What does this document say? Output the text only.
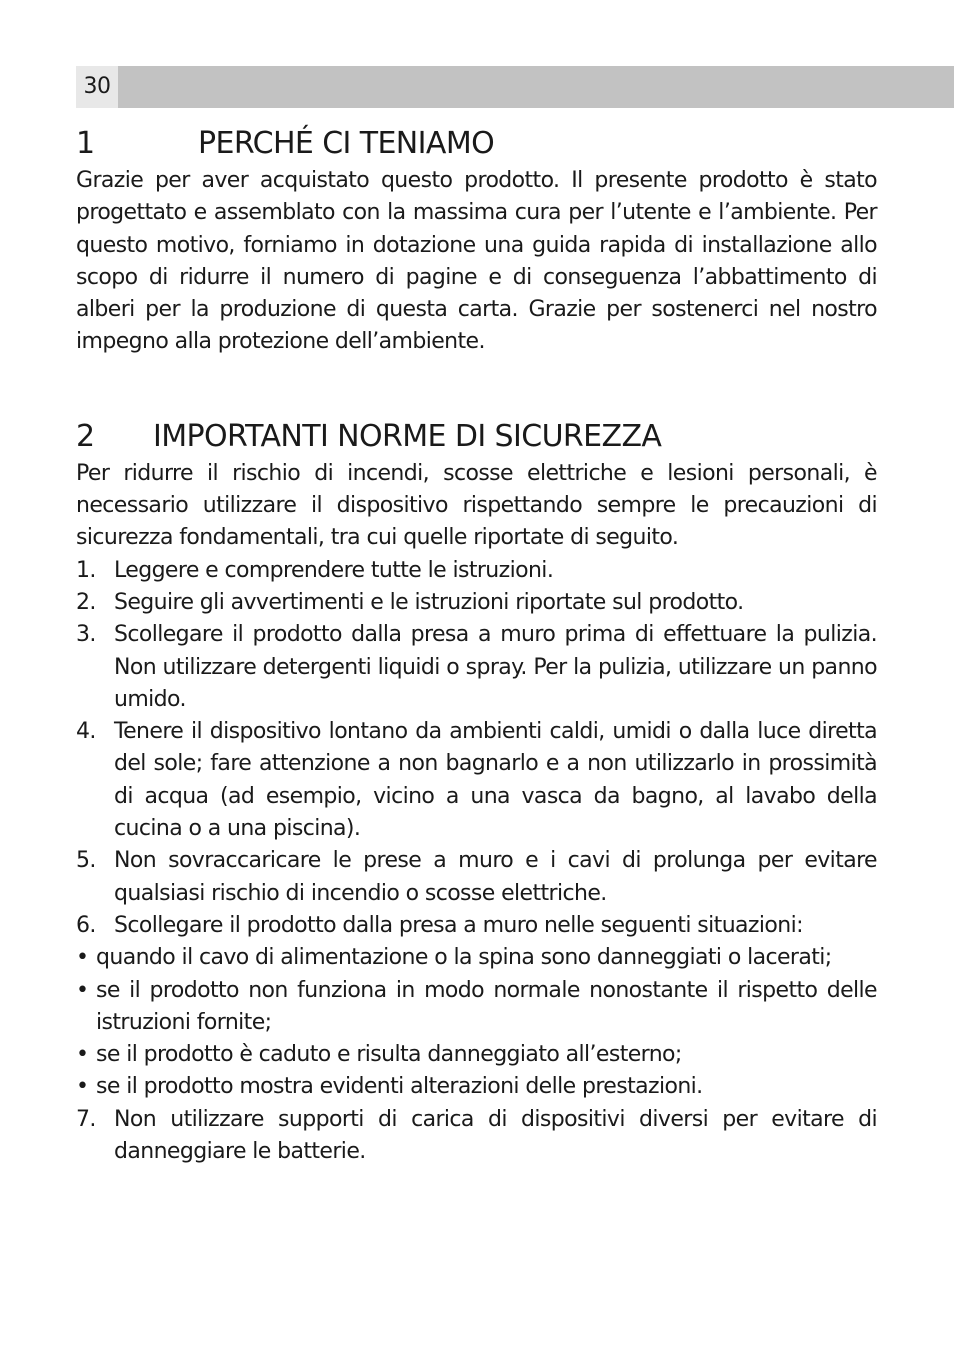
30
1	PERCHÉ CI TENIAMO

Grazie per aver acquistato questo prodotto. Il presente prodotto è stato progettato e assemblato con la massima cura per l’utente e l’ambiente. Per questo motivo, forniamo in dotazione una guida rapida di installazione allo scopo di ridurre il numero di pagine e di conseguenza l’abbattimento di alberi per la produzione di questa carta. Grazie per sostenerci nel nostro impegno alla protezione dell’ambiente.

2 IMPORTANTI NORME DI SICUREZZA

Per ridurre il rischio di incendi, scosse elettriche e lesioni personali, è necessario utilizzare il dispositivo rispettando sempre le precauzioni di sicurezza fondamentali, tra cui quelle riportate di seguito.

1. Leggere e comprendere tutte le istruzioni.
2. Seguire gli avvertimenti e le istruzioni riportate sul prodotto.
3. Scollegare il prodotto dalla presa a muro prima di effettuare la pulizia. Non utilizzare detergenti liquidi o spray. Per la pulizia, utilizzare un panno umido.
4. Tenere il dispositivo lontano da ambienti caldi, umidi o dalla luce diretta del sole; fare attenzione a non bagnarlo e a non utilizzarlo in prossimità di acqua (ad esempio, vicino a una vasca da bagno, al lavabo della cucina o a una piscina).
5. Non sovraccaricare le prese a muro e i cavi di prolunga per evitare qualsiasi rischio di incendio o scosse elettriche.
6. Scollegare il prodotto dalla presa a muro nelle seguenti situazioni:
• quando il cavo di alimentazione o la spina sono danneggiati o lacerati;
• se il prodotto non funziona in modo normale nonostante il rispetto delle istruzioni fornite;
• se il prodotto è caduto e risulta danneggiato all’esterno;
• se il prodotto mostra evidenti alterazioni delle prestazioni.
7. Non utilizzare supporti di carica di dispositivi diversi per evitare di danneggiare le batterie.
